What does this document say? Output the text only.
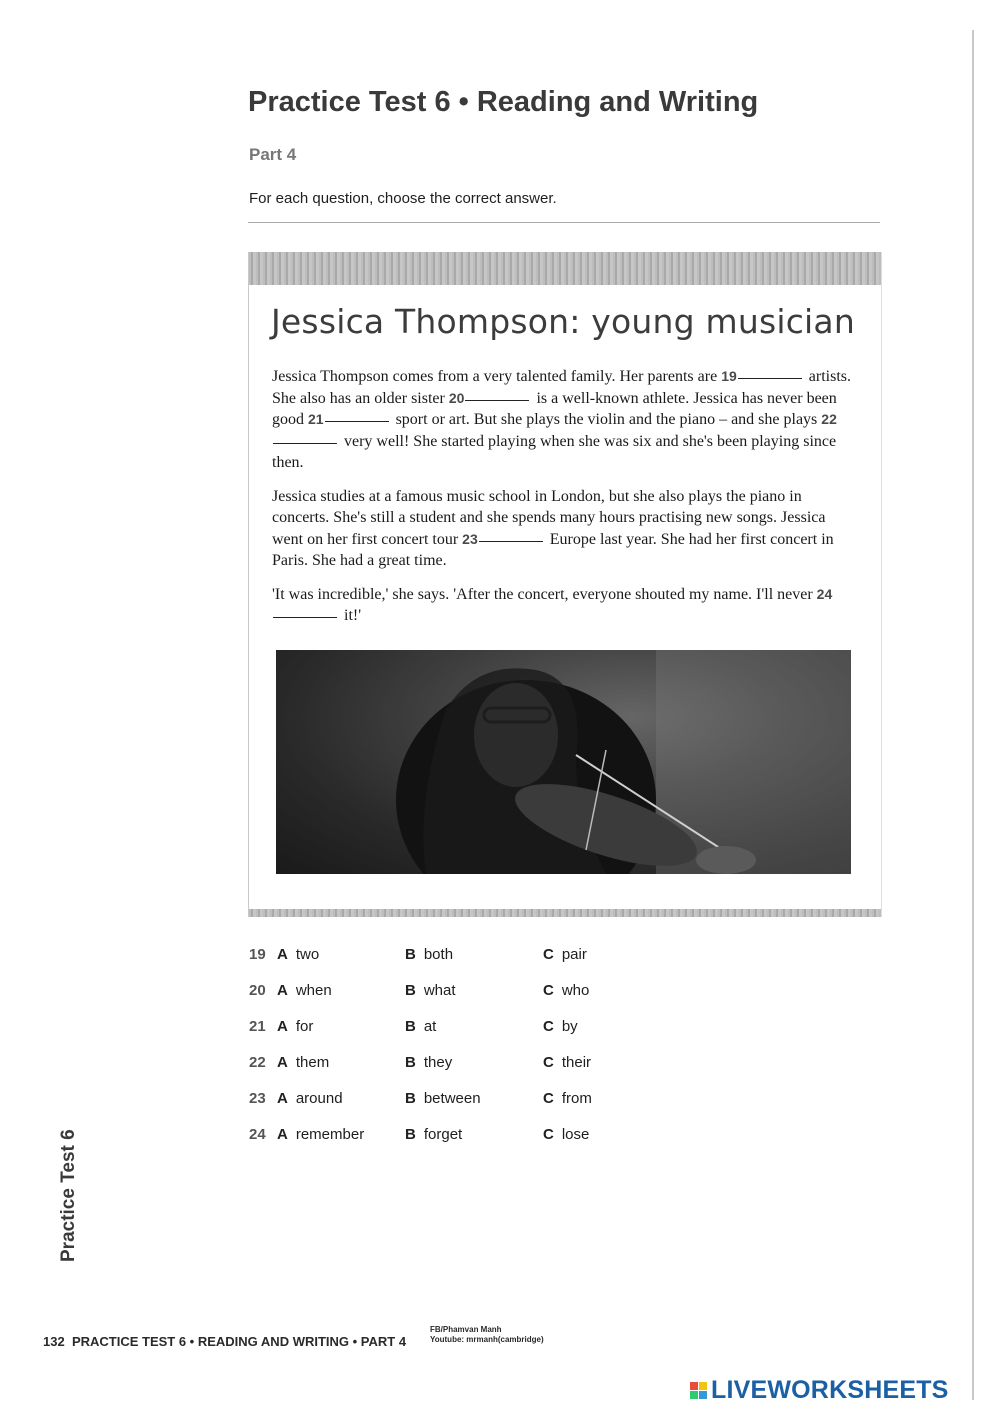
Practice Test 6 • Reading and Writing
Part 4
For each question, choose the correct answer.
Jessica Thompson: young musician

Jessica Thompson comes from a very talented family. Her parents are 19	artists. She also has an older sister 20	is a well-known athlete. Jessica has never been good 21	sport or art. But she plays the violin and the piano – and she plays 22 very well! She started playing when she was six and she's been playing since then.

Jessica studies at a famous music school in London, but she also plays the piano in concerts. She's still a student and she spends many hours practising new songs. Jessica went on her first concert tour 23	Europe last year. She had her first concert in Paris. She had a great time.

'It was incredible,' she says. 'After the concert, everyone shouted my name. I'll never 24 it!'

19 A two	B both	C pair
20 A when	B what	C who
21 A for	B at	C by
22 A them	B they	C their
23 A around	B between	C from
24 A remember	B forget	C lose
Practice Test 6
132 PRACTICE TEST 6 • READING AND WRITING • PART 4
FB/Phamvan Manh
Youtube: mrmanh(cambridge)
LIVEWORKSHEETS
